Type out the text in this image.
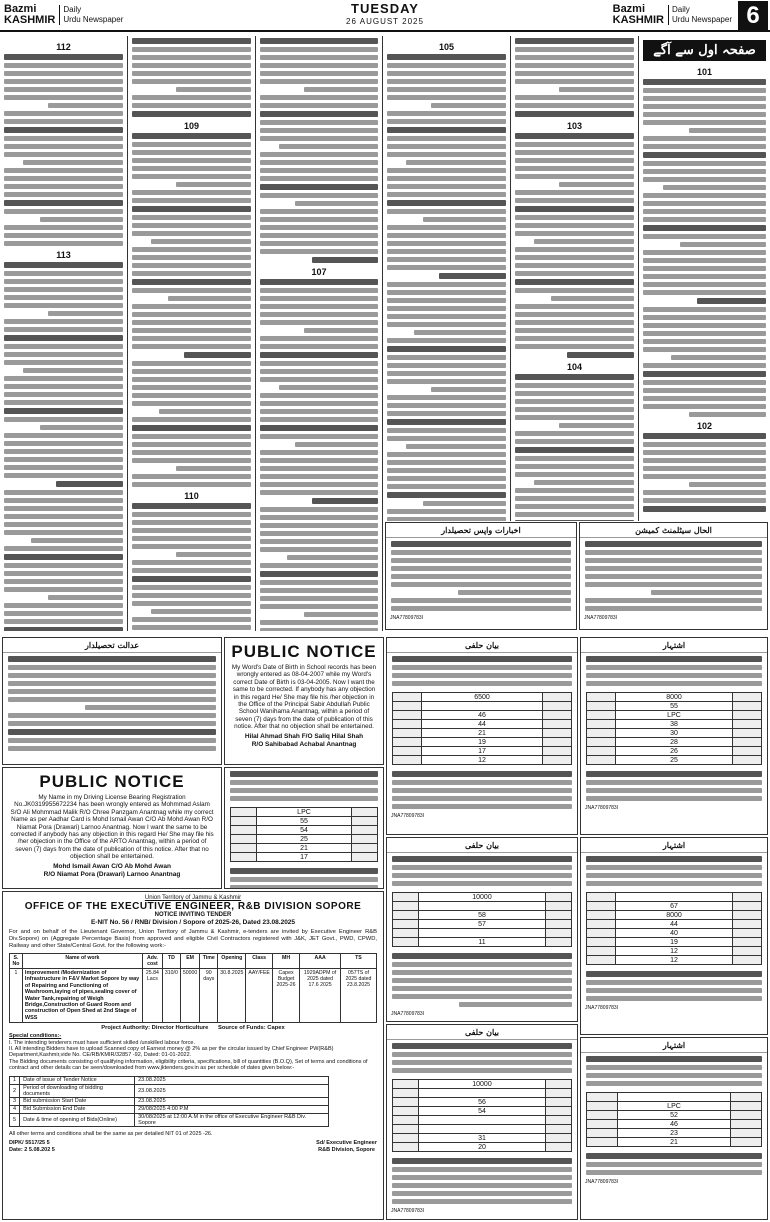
Bazmi
KASHMIR
Daily
Urdu Newspaper
TUESDAY
26 AUGUST 2025
Bazmi
KASHMIR
Daily
Urdu Newspaper 6
112
113
109
110
107
105
103
104
صفحہ اول سے آگے
101
102
اخبارات واپس تحصیلدار
JNA77809783I
الحال سیٹلمنٹ کمیشن
JNA77809783I
عدالت تحصیلدار	PUBLIC NOTICE
My Word's Date of Birth in School records has been wrongly entered as 08-04-2007 while my Word's correct Date of Birth is 03-04-2005. Now I want the same to be corrected. If anybody has any objection in this regard He/ She may file his /her objection in the Office of the Principal Sabir Abdullah Public School Wanihama Anantnag, within a period of seven (7) days from the date of publication of this notice. After that no objection shall be entertained.
Hilal Ahmad Shah F/O Saliq Hilal Shah
R/O Sahibabad Achabal Anantnag
PUBLIC NOTICE
My Name in my Driving License Bearing Registration No.JK0319955672234 has been wrongly entered as Mohmmad Aslam S/O Ali Mohmmad Malik R/O Chree Panzgam Anantnag while my correct Name as per Aadhar Card is Mohd Ismail Awan C/O Ab Mohd Awan R/O Niamat Pora (Drawari) Larnoo Anantnag. Now I want the same to be corrected if anybody has any objection in this regard He/ She may file his /her objection in the Office of the ARTO Anantnag, within a period of seven (7) days from the date of publication of this notice. After that no objection shall be entertained.
Mohd Ismail Awan C/O Ab Mohd Awan
R/O Niamat Pora (Drawari) Larnoo Anantnag
	LPC	
	55	
	54	
	25	
	21	
	17	
بیان حلفی
	6500	

	46	
	44	
	21	
	19	
	17	
	12	
JNA77809783I
بیان حلفی
	10000	

	58	
	57	

	11	
JNA77809783I
بیان حلفی
	10000	

	56	
	54	

	31	
	20	
JNA77809783I
اشتہار
	8000	
	55	
	LPC	
	38	
	30	
	28	
	26	
	25	
JNA77809783I
اشتہار

	67	
	8000	
	44	
	40	
	19	
	12	
	12	
JNA77809783I
اشتہار

	LPC	
	52	
	46	
	23	
	21	
JNA77809783I
Union Territory of Jammu & Kashmir
OFFICE OF THE EXECUTIVE ENGINEER, R&B DIVISION SOPORE
NOTICE INVITING TENDER
E-NIT No. 56 / RNB/ Division / Sopore of 2025-26, Dated 23.08.2025
For and on behalf of the Lieutenant Governor, Union Territory of Jammu & Kashmir, e-tenders are invited by Executive Engineer R&B Div.Sopore) on (Aggregate Percentage Basis) from approved and eligible Civil Contractors registered with J&K, JET Govt., PWD, CPWD, Railway and other State/Central Govt. for the following work:-
S. No	Name of work	Adv. cost	TD	EM	Time	Opening	Class	MH	AAA	TS
1	Improvement /Modernization of Infrastructure in F&V Market Sopore by way of Repairing and Functioning of Washroom,laying of pipes,sealing cover of Water Tank,repairing of Weigh Bridge,Construction of Guard Room and construction of Open Shed at 2nd Stage of WSS	25.84 Lacs	310/0	50000	90 days	30.8.2025	AAY/FEE	Capex Budget 2025-26	1929ADPM of 2025 dated 17.6 2025	057TS of 2025 dated 23.8.2025
Project Authority: Director Horticulture Source of Funds: Capex
Special conditions:-
I. The intending tenderers must have sufficient skilled /unskilled labour force.
II. All intending Bidders have to upload Scanned copy of Earnest money @ 2% as per the circular issued by Chief Engineer PW(R&B) Department,Kashmir,vide No. CE/RB/KMIR/32857 -92, Dated: 01-01-2022.
The Bidding documents consisting of qualifying information, eligibility criteria, specifications, bill of quantities (B.O.Q), Set of terms and conditions of contract and other details can be seen/downloaded from www.jktenders.gov.in as per schedule of dates given below:-
1	Date of issue of Tender Notice	23.08.2025
2	Period of downloading of bidding documents	23.08.2025
3	Bid submission Start Date	23.08.2025
4	Bid Submission End Date	29/08/2025 4:00 P.M
5	Date & time of opening of Bids(Online)	30/08/2025 at 12:00 A.M in the office of Executive Engineer R&B Div. Sopore
All other terms and conditions shall be the same as per detailed NIT 01 of 2025 -26.
DIPK/ 5517/25 5
Date: 2 5.08.202 5
Sd/ Executive Engineer
R&B Division, Sopore
